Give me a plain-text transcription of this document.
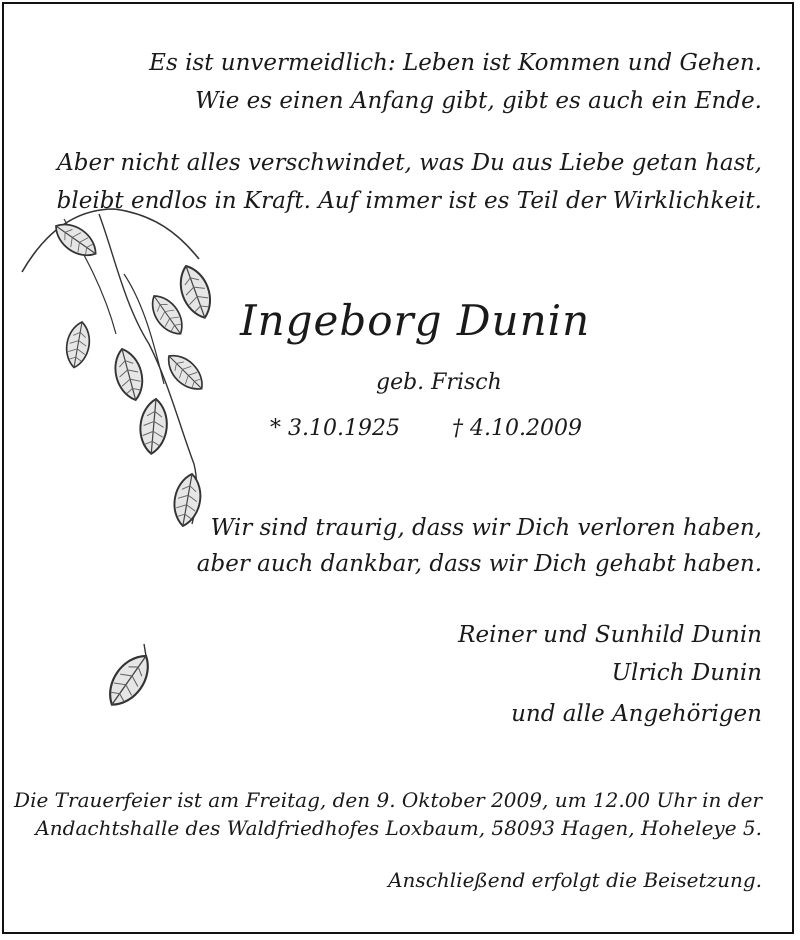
Es ist unvermeidlich: Leben ist Kommen und Gehen.
Wie es einen Anfang gibt, gibt es auch ein Ende.
Aber nicht alles verschwindet, was Du aus Liebe getan hast,
bleibt endlos in Kraft. Auf immer ist es Teil der Wirklichkeit.
Ingeborg Dunin
geb. Frisch
* 3.10.1925 † 4.10.2009
Wir sind traurig, dass wir Dich verloren haben,
aber auch dankbar, dass wir Dich gehabt haben.
Reiner und Sunhild Dunin
Ulrich Dunin
und alle Angehörigen
Die Trauerfeier ist am Freitag, den 9. Oktober 2009, um 12.00 Uhr in der
Andachtshalle des Waldfriedhofes Loxbaum, 58093 Hagen, Hoheleye 5.
Anschließend erfolgt die Beisetzung.
